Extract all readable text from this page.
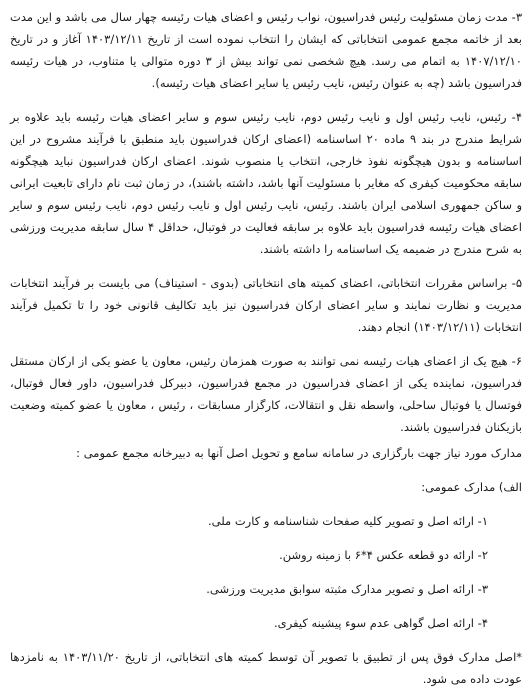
۳- مدت زمان مسئولیت رئیس فدراسیون، نواب رئیس و اعضای هیات رئیسه چهار سال می باشد و این مدت بعد از خاتمه مجمع عمومی انتخاباتی که ایشان را انتخاب نموده است از تاریخ ۱۴۰۳/۱۲/۱۱ آغاز و در تاریخ ۱۴۰۷/۱۲/۱۰ به اتمام می رسد. هیچ شخصی نمی تواند بیش از ۳ دوره متوالی یا متناوب، در هیات رئیسه فدراسیون باشد (چه به عنوان رئیس، نایب رئیس یا سایر اعضای هیات رئیسه).

۴- رئیس، نایب رئیس اول و نایب رئیس دوم، نایب رئیس سوم و سایر اعضای هیات رئیسه باید علاوه بر شرایط مندرج در بند ۹ ماده ۲۰ اساسنامه (اعضای ارکان فدراسیون باید منطبق با فرآیند مشروح در این اساسنامه و بدون هیچگونه نفوذ خارجی، انتخاب یا منصوب شوند. اعضای ارکان فدراسیون نباید هیچگونه سابقه محکومیت کیفری که مغایر با مسئولیت آنها باشد، داشته باشند)، در زمان ثبت نام دارای تابعیت ایرانی و ساکن جمهوری اسلامی ایران باشند. رئیس، نایب رئیس اول و نایب رئیس دوم، نایب رئیس سوم و سایر اعضای هیات رئیسه فدراسیون باید علاوه بر سابقه فعالیت در فوتبال، حداقل ۴ سال سابقه مدیریت ورزشی به شرح مندرج در ضمیمه یک اساسنامه را داشته باشند.

۵- براساس مقررات انتخاباتی، اعضای کمیته های انتخاباتی (بدوی - استیناف) می بایست بر فرآیند انتخابات مدیریت و نظارت نمایند و سایر اعضای ارکان فدراسیون نیز باید تکالیف قانونی خود را تا تکمیل فرآیند انتخابات (۱۴۰۳/۱۲/۱۱) انجام دهند.

۶- هیچ یک از اعضای هیات رئیسه نمی توانند به صورت همزمان رئیس، معاون یا عضو یکی از ارکان مستقل فدراسیون، نماینده یکی از اعضای فدراسیون در مجمع فدراسیون، دبیرکل فدراسیون، داور فعال فوتبال، فوتسال یا فوتبال ساحلی، واسطه نقل و انتقالات، کارگزار مسابقات ، رئیس ، معاون یا عضو کمیته وضعیت بازیکنان فدراسیون باشند.

مدارک مورد نیاز جهت بارگزاری در سامانه سامع و تحویل اصل آنها به دبیرخانه مجمع عمومی :

الف) مدارک عمومی:

۱- ارائه اصل و تصویر کلیه صفحات شناسنامه و کارت ملی.

۲- ارائه دو قطعه عکس ۴*۶ با زمینه روشن.

۳- ارائه اصل و تصویر مدارک مثبته سوابق مدیریت ورزشی.

۴- ارائه اصل گواهی عدم سوء پیشینه کیفری.

*اصل مدارک فوق پس از تطبیق با تصویر آن توسط کمیته های انتخاباتی، از تاریخ ۱۴۰۳/۱۱/۲۰ به نامزدها عودت داده می شود.
